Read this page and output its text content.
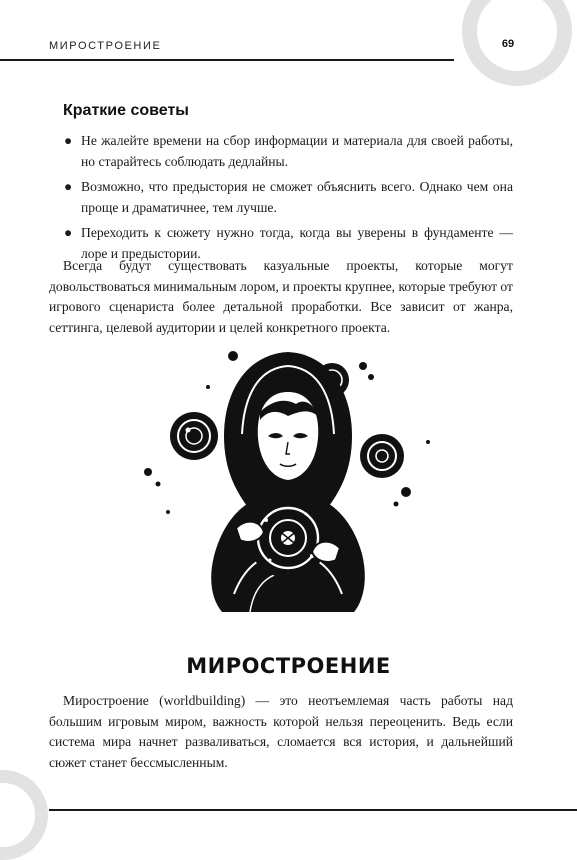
МИРОСТРОЕНИЕ	69
Краткие советы
● Не жалейте времени на сбор информации и материала для своей работы, но старайтесь соблюдать дедлайны.
● Возможно, что предыстория не сможет объяснить всего. Однако чем она проще и драматичнее, тем лучше.
● Переходить к сюжету нужно тогда, когда вы уверены в фундаменте — лоре и предыстории.

Всегда будут существовать казуальные проекты, которые могут довольствоваться минимальным лором, и проекты крупнее, которые требуют от игрового сценариста более детальной проработки. Все зависит от жанра, сеттинга, целевой аудитории и целей конкретного проекта.

МИРОСТРОЕНИЕ

Миростроение (worldbuilding) — это неотъемлемая часть работы над большим игровым миром, важность которой нельзя переоценить. Ведь если система мира начнет разваливаться, сломается вся история, и дальнейший сюжет станет бессмысленным.
